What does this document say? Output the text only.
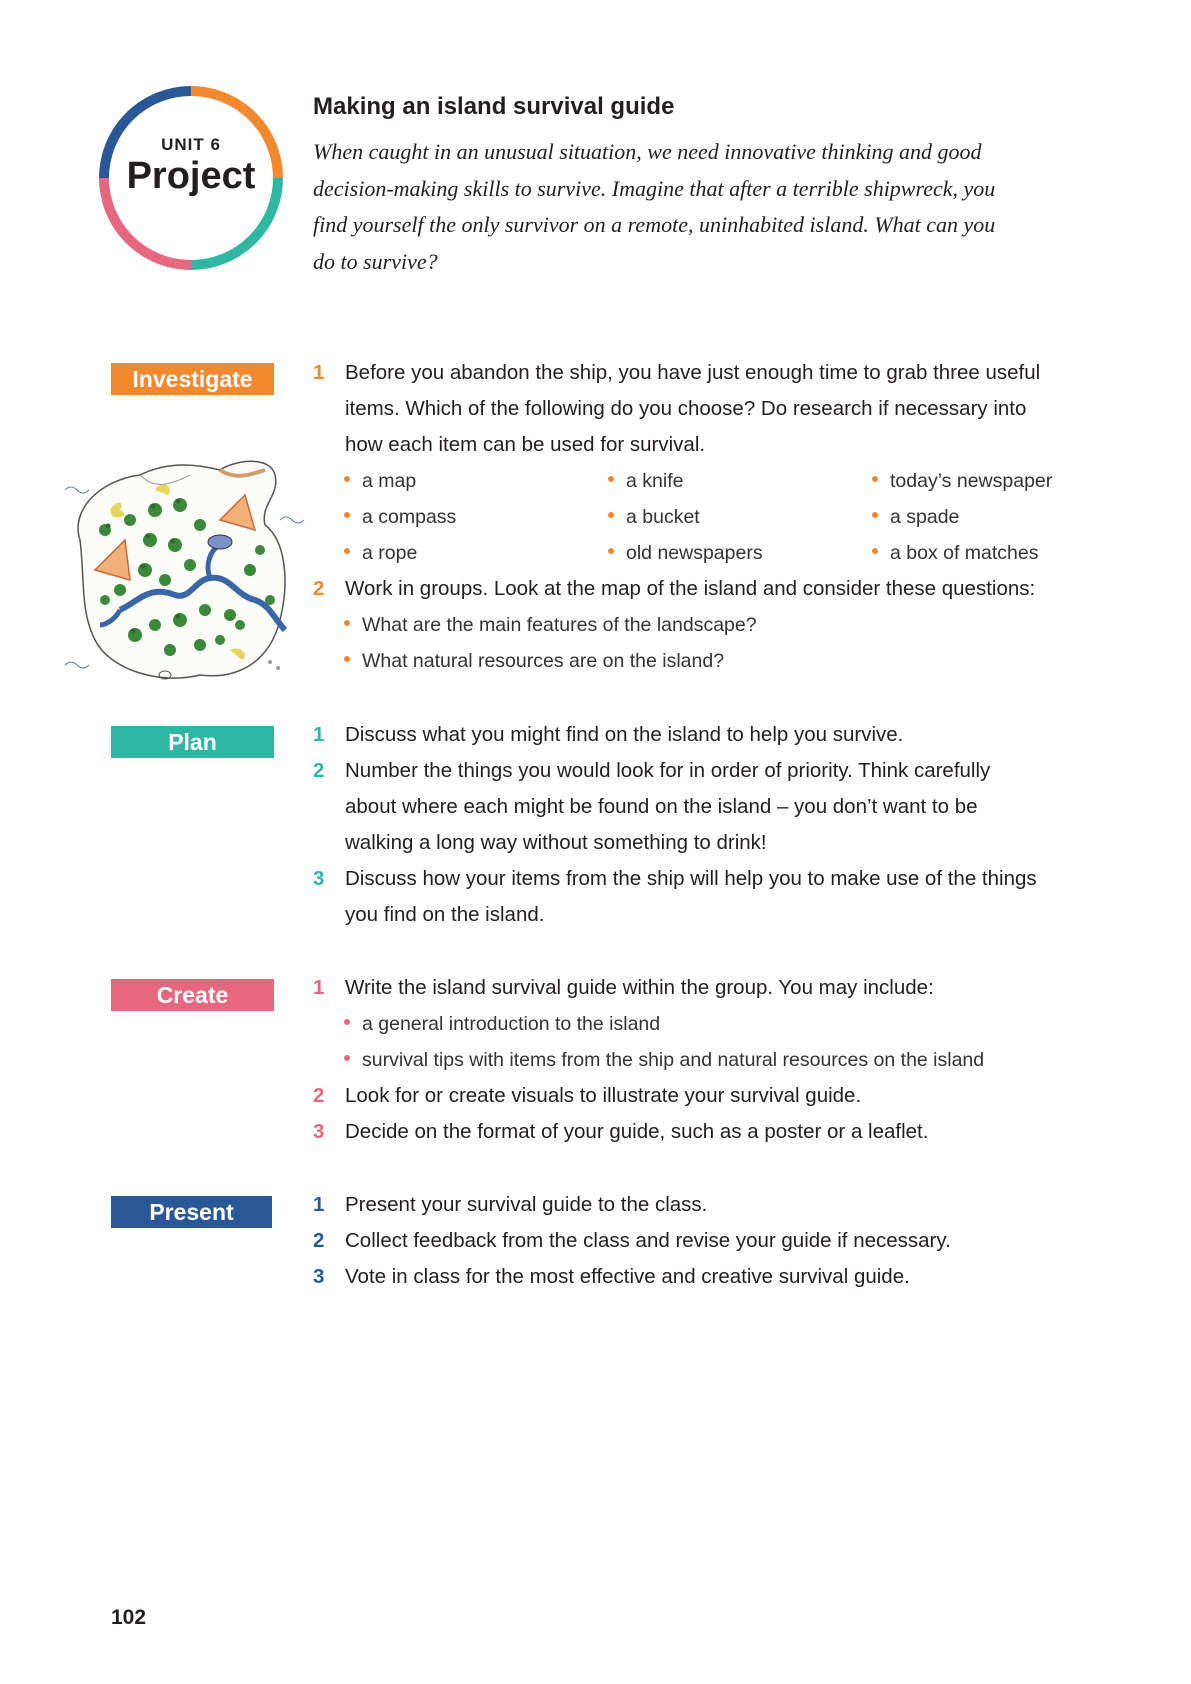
UNIT 6
Project
Making an island survival guide
When caught in an unusual situation, we need innovative thinking and good
decision-making skills to survive. Imagine that after a terrible shipwreck, you
find yourself the only survivor on a remote, uninhabited island. What can you
do to survive?
Investigate	1 Before you abandon the ship, you have just enough time to grab three useful
items. Which of the following do you choose? Do research if necessary into
how each item can be used for survival.
a map	a knife	today’s newspaper
a compass	a bucket	a spade
a rope	old newspapers	a box of matches
2 Work in groups. Look at the map of the island and consider these questions:
What are the main features of the landscape?
What natural resources are on the island?
Plan	1 Discuss what you might find on the island to help you survive.
2 Number the things you would look for in order of priority. Think carefully
about where each might be found on the island – you don’t want to be
walking a long way without something to drink!
3 Discuss how your items from the ship will help you to make use of the things
you find on the island.
Create	1 Write the island survival guide within the group. You may include:
a general introduction to the island
survival tips with items from the ship and natural resources on the island
2 Look for or create visuals to illustrate your survival guide.
3 Decide on the format of your guide, such as a poster or a leaflet.
Present	1 Present your survival guide to the class.
2 Collect feedback from the class and revise your guide if necessary.
3 Vote in class for the most effective and creative survival guide.
102
